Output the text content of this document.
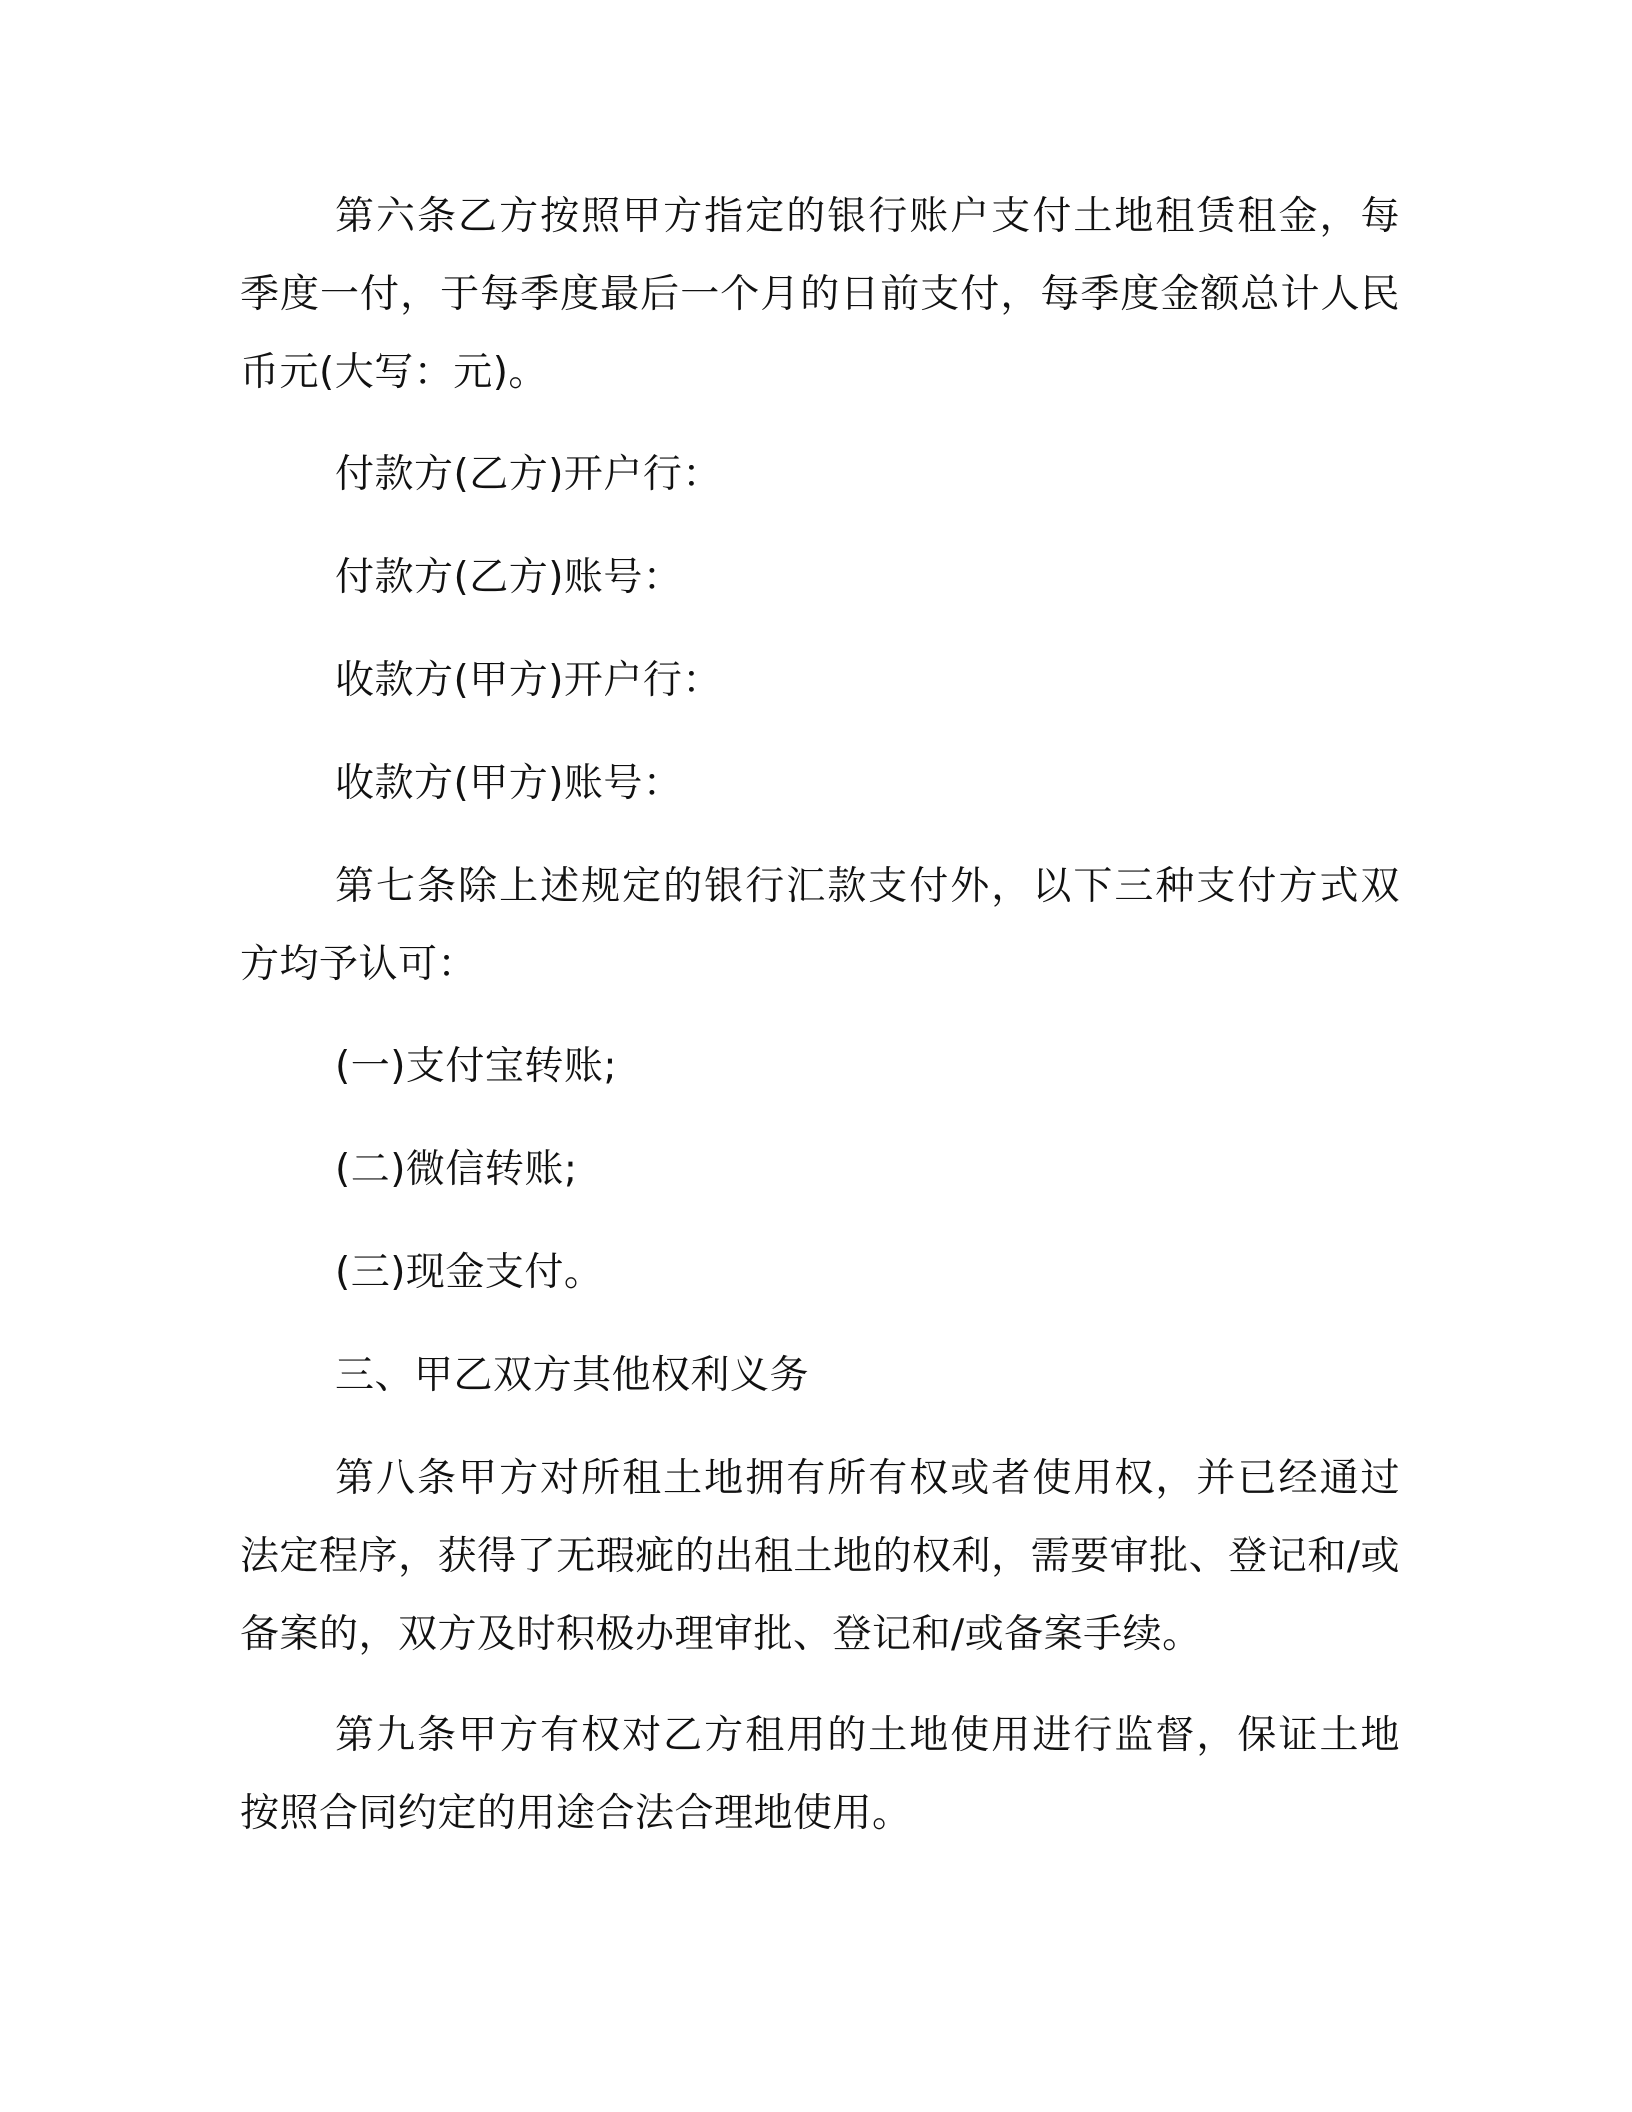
第六条乙方按照甲方指定的银行账户支付土地租赁租金，每季度一付，于每季度最后一个月的日前支付，每季度金额总计人民币元(大写：元)。

付款方(乙方)开户行：

付款方(乙方)账号：

收款方(甲方)开户行：

收款方(甲方)账号：

第七条除上述规定的银行汇款支付外，以下三种支付方式双方均予认可：

(一)支付宝转账;

(二)微信转账;

(三)现金支付。

三、甲乙双方其他权利义务

第八条甲方对所租土地拥有所有权或者使用权，并已经通过法定程序，获得了无瑕疵的出租土地的权利，需要审批、登记和/或备案的，双方及时积极办理审批、登记和/或备案手续。

第九条甲方有权对乙方租用的土地使用进行监督，保证土地按照合同约定的用途合法合理地使用。
